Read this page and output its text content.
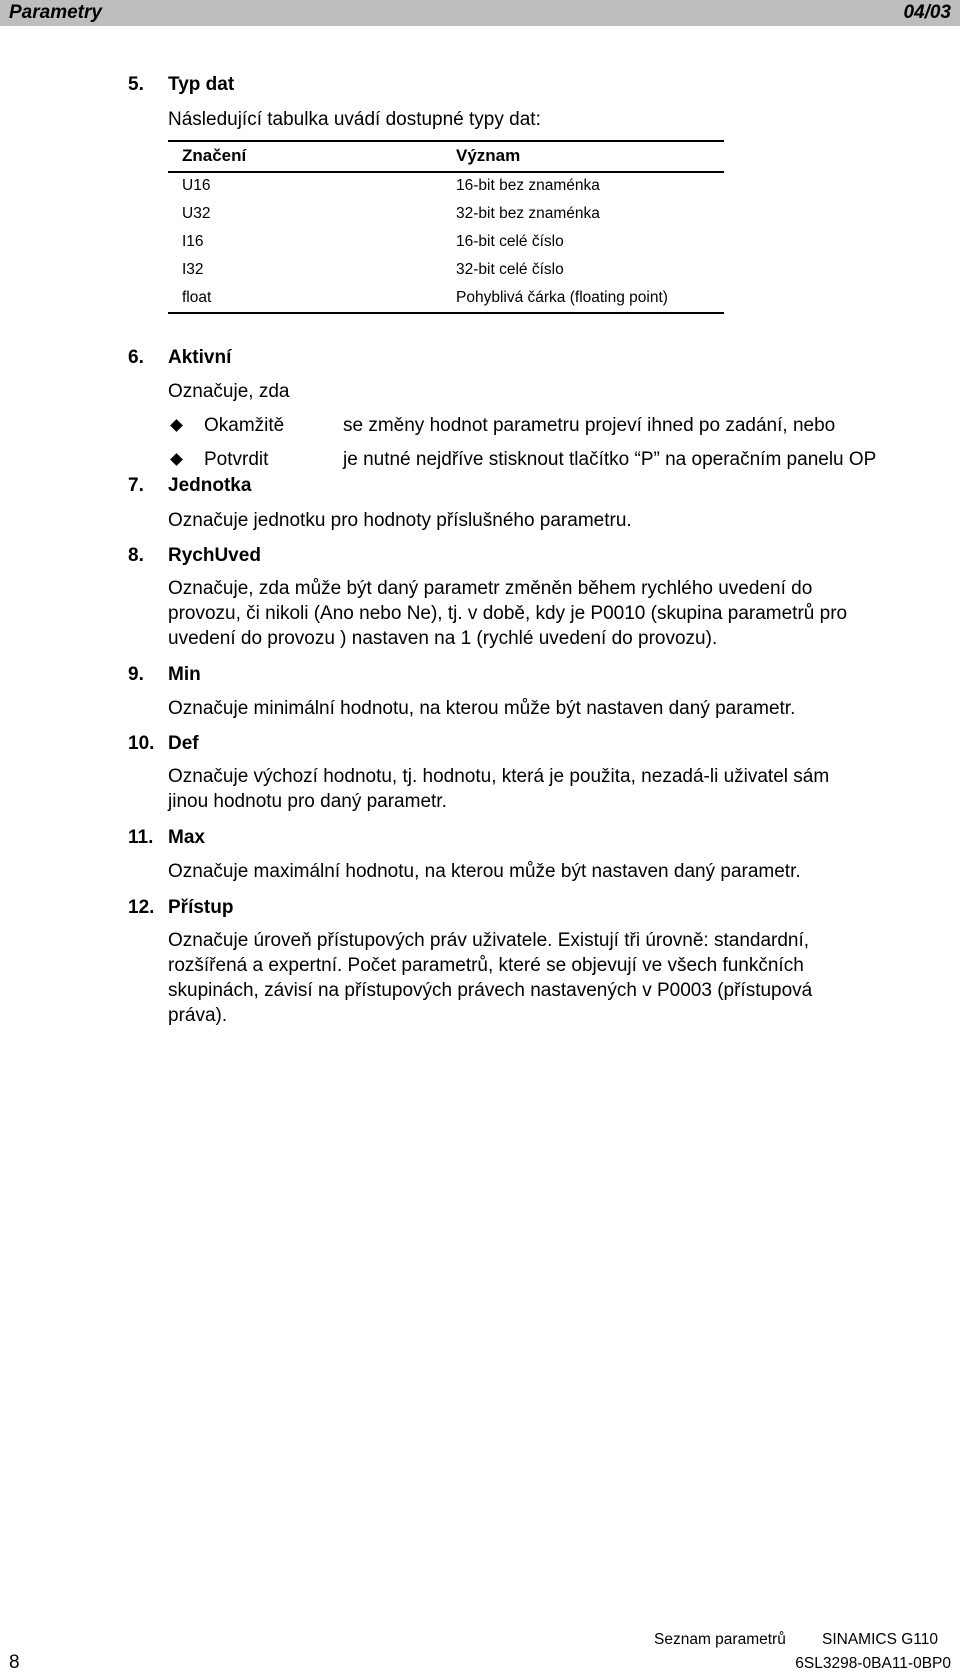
Parametry	04/03
5. Typ dat
Následující tabulka uvádí dostupné typy dat:
Značení	Význam
U16	16-bit bez znaménka
U32	32-bit bez znaménka
I16	16-bit celé číslo
I32	32-bit celé číslo
float	Pohyblivá čárka (floating point)
6. Aktivní
Označuje, zda
Okamžitě	se změny hodnot parametru projeví ihned po zadání, nebo
Potvrdit	je nutné nejdříve stisknout tlačítko “P” na operačním panelu OP
7. Jednotka
Označuje jednotku pro hodnoty příslušného parametru.
8. RychUved
Označuje, zda může být daný parametr změněn během rychlého uvedení do
provozu, či nikoli (Ano nebo Ne), tj. v době, kdy je P0010 (skupina parametrů pro
uvedení do provozu ) nastaven na 1 (rychlé uvedení do provozu).
9. Min
Označuje minimální hodnotu, na kterou může být nastaven daný parametr.
10. Def
Označuje výchozí hodnotu, tj. hodnotu, která je použita, nezadá-li uživatel sám
jinou hodnotu pro daný parametr.
11. Max
Označuje maximální hodnotu, na kterou může být nastaven daný parametr.
12. Přístup
Označuje úroveň přístupových práv uživatele. Existují tři úrovně: standardní,
rozšířená a expertní. Počet parametrů, které se objevují ve všech funkčních
skupinách, závisí na přístupových právech nastavených v P0003 (přístupová
práva).
Seznam parametrů SINAMICS G110
8	6SL3298-0BA11-0BP0
